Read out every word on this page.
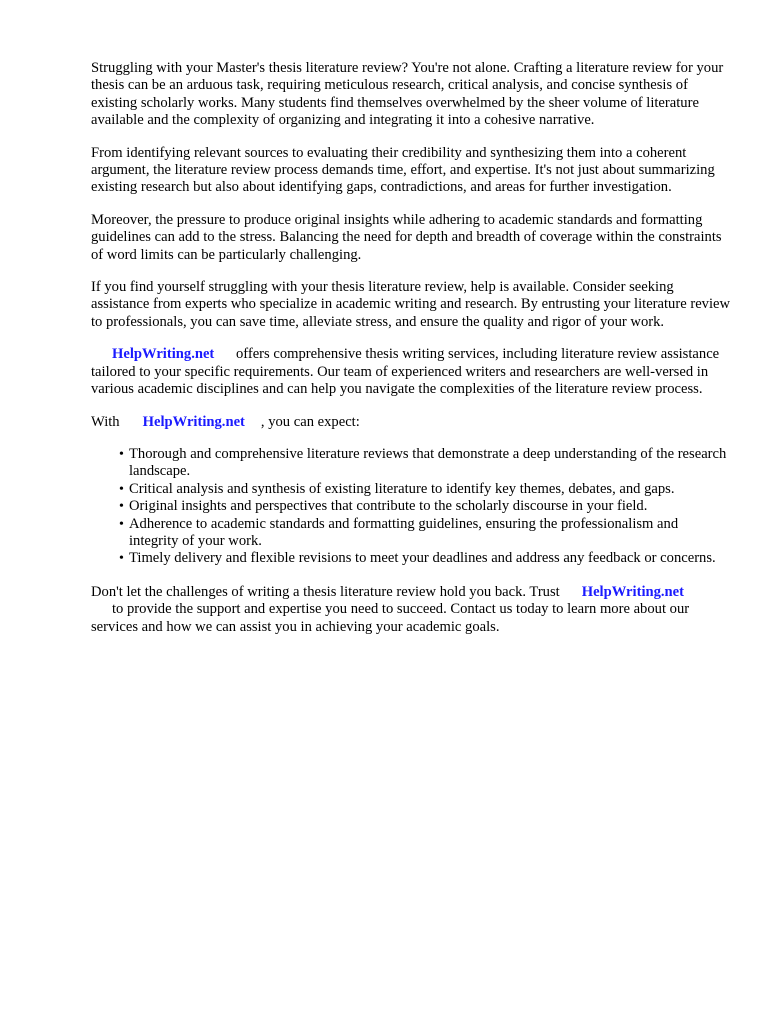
Struggling with your Master's thesis literature review? You're not alone. Crafting a literature review for your thesis can be an arduous task, requiring meticulous research, critical analysis, and concise synthesis of existing scholarly works. Many students find themselves overwhelmed by the sheer volume of literature available and the complexity of organizing and integrating it into a cohesive narrative.

From identifying relevant sources to evaluating their credibility and synthesizing them into a coherent argument, the literature review process demands time, effort, and expertise. It's not just about summarizing existing research but also about identifying gaps, contradictions, and areas for further investigation.

Moreover, the pressure to produce original insights while adhering to academic standards and formatting guidelines can add to the stress. Balancing the need for depth and breadth of coverage within the constraints of word limits can be particularly challenging.

If you find yourself struggling with your thesis literature review, help is available. Consider seeking assistance from experts who specialize in academic writing and research. By entrusting your literature review to professionals, you can save time, alleviate stress, and ensure the quality and rigor of your work.

HelpWriting.net offers comprehensive thesis writing services, including literature review assistance tailored to your specific requirements. Our team of experienced writers and researchers are well-versed in various academic disciplines and can help you navigate the complexities of the literature review process.

With HelpWriting.net , you can expect:

• Thorough and comprehensive literature reviews that demonstrate a deep understanding of the research landscape.
• Critical analysis and synthesis of existing literature to identify key themes, debates, and gaps.
• Original insights and perspectives that contribute to the scholarly discourse in your field.
• Adherence to academic standards and formatting guidelines, ensuring the professionalism and integrity of your work.
• Timely delivery and flexible revisions to meet your deadlines and address any feedback or concerns.

Don't let the challenges of writing a thesis literature review hold you back. Trust HelpWriting.net
to provide the support and expertise you need to succeed. Contact us today to learn more about our services and how we can assist you in achieving your academic goals.
